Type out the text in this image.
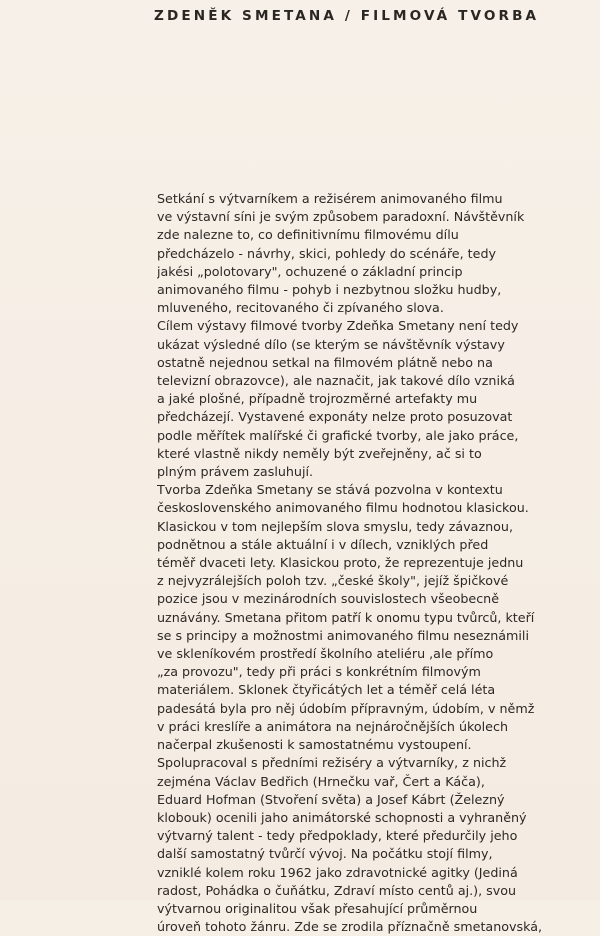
ZDENĚK SMETANA / FILMOVÁ TVORBA
Setkání s výtvarníkem a režisérem animovaného filmu
ve výstavní síni je svým způsobem paradoxní. Návštěvník
zde nalezne to, co definitivnímu filmovému dílu
předcházelo - návrhy, skici, pohledy do scénáře, tedy
jakési „polotovary", ochuzené o základní princip
animovaného filmu - pohyb i nezbytnou složku hudby,
mluveného, recitovaného či zpívaného slova.
Cílem výstavy filmové tvorby Zdeňka Smetany není tedy
ukázat výsledné dílo (se kterým se návštěvník výstavy
ostatně nejednou setkal na filmovém plátně nebo na
televizní obrazovce), ale naznačit, jak takové dílo vzniká
a jaké plošné, případně trojrozměrné artefakty mu
předcházejí. Vystavené exponáty nelze proto posuzovat
podle měřítek malířské či grafické tvorby, ale jako práce,
které vlastně nikdy neměly být zveřejněny, ač si to
plným právem zasluhují.
Tvorba Zdeňka Smetany se stává pozvolna v kontextu
československého animovaného filmu hodnotou klasickou.
Klasickou v tom nejlepším slova smyslu, tedy závaznou,
podnětnou a stále aktuální i v dílech, vzniklých před
téměř dvaceti lety. Klasickou proto, že reprezentuje jednu
z nejvyzrálejších poloh tzv. „české školy", jejíž špičkové
pozice jsou v mezinárodních souvislostech všeobecně
uznávány. Smetana přitom patří k onomu typu tvůrců, kteří
se s principy a možnostmi animovaného filmu neseznámili
ve skleníkovém prostředí školního ateliéru ,ale přímo
„za provozu", tedy při práci s konkrétním filmovým
materiálem. Sklonek čtyřicátých let a téměř celá léta
padesátá byla pro něj údobím přípravným, údobím, v němž
v práci kreslíře a animátora na nejnáročnějších úkolech
načerpal zkušenosti k samostatnému vystoupení.
Spolupracoval s předními režiséry a výtvarníky, z nichž
zejména Václav Bedřich (Hrnečku vař, Čert a Káča),
Eduard Hofman (Stvoření světa) a Josef Kábrt (Železný
klobouk) ocenili jaho animátorské schopnosti a vyhraněný
výtvarný talent - tedy předpoklady, které předurčily jeho
další samostatný tvůrčí vývoj. Na počátku stojí filmy,
vzniklé kolem roku 1962 jako zdravotnické agitky (Jediná
radost, Pohádka o čuňátku, Zdraví místo centů aj.), svou
výtvarnou originalitou však přesahující průměrnou
úroveň tohoto žánru. Zde se zrodila příznačně smetanovská,
